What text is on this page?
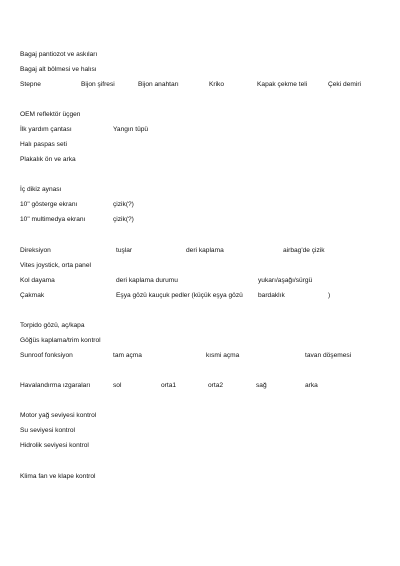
Bagaj pantiozot ve askıları
Bagaj alt bölmesi ve halısı
Stepne	Bijon şifresi	Bijon anahtarı	Kriko	Kapak çekme teli	Çeki demiri
OEM reflektör üçgen
İlk yardım çantası	Yangın tüpü
Halı paspas seti
Plakalık ön ve arka
İç dikiz aynası
10" gösterge ekranı	çizik(?)
10" multimedya ekranı	çizik(?)
Direksiyon	tuşlar	deri kaplama	airbag'de çizik
Vites joystick, orta panel
Kol dayama	deri kaplama durumu	yukarı/aşağı/sürgü
Çakmak	Eşya gözü kauçuk pedler (küçük eşya gözü bardaklık	)
Torpido gözü, aç/kapa
Göğüs kaplama/trim kontrol
Sunroof fonksiyon	tam açma	kısmi açma	tavan döşemesi
Havalandırma ızgaraları	sol	orta1	orta2	sağ	arka
Motor yağ seviyesi kontrol
Su seviyesi kontrol
Hidrolik seviyesi kontrol
Klima fan ve klape kontrol
